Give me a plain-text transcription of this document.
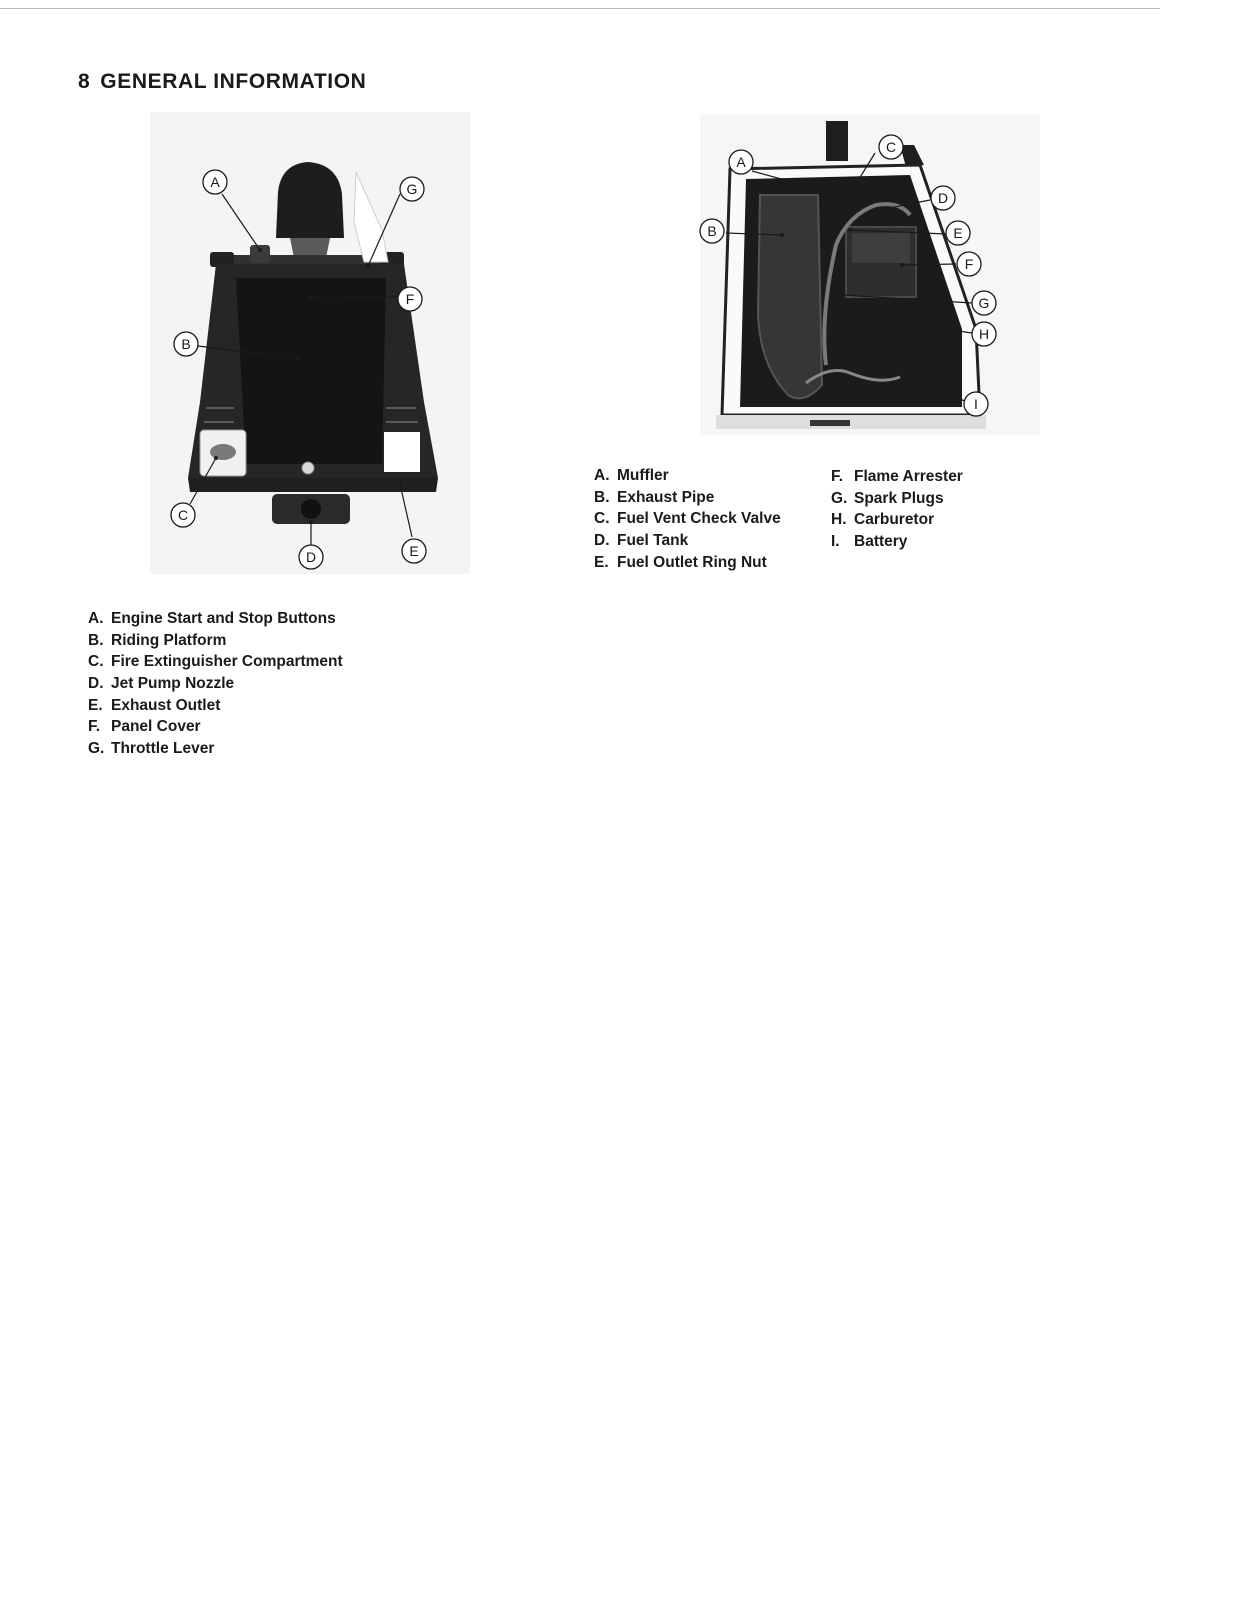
8 GENERAL INFORMATION
A	G
F
B
C
D	E
A
C
B
D
E
F
G
H
I
A. Muffler
B. Exhaust Pipe
C. Fuel Vent Check Valve
D. Fuel Tank
E. Fuel Outlet Ring Nut
F. Flame Arrester
G. Spark Plugs
H. Carburetor
I. Battery
A. Engine Start and Stop Buttons
B. Riding Platform
C. Fire Extinguisher Compartment
D. Jet Pump Nozzle
E. Exhaust Outlet
F. Panel Cover
G. Throttle Lever
